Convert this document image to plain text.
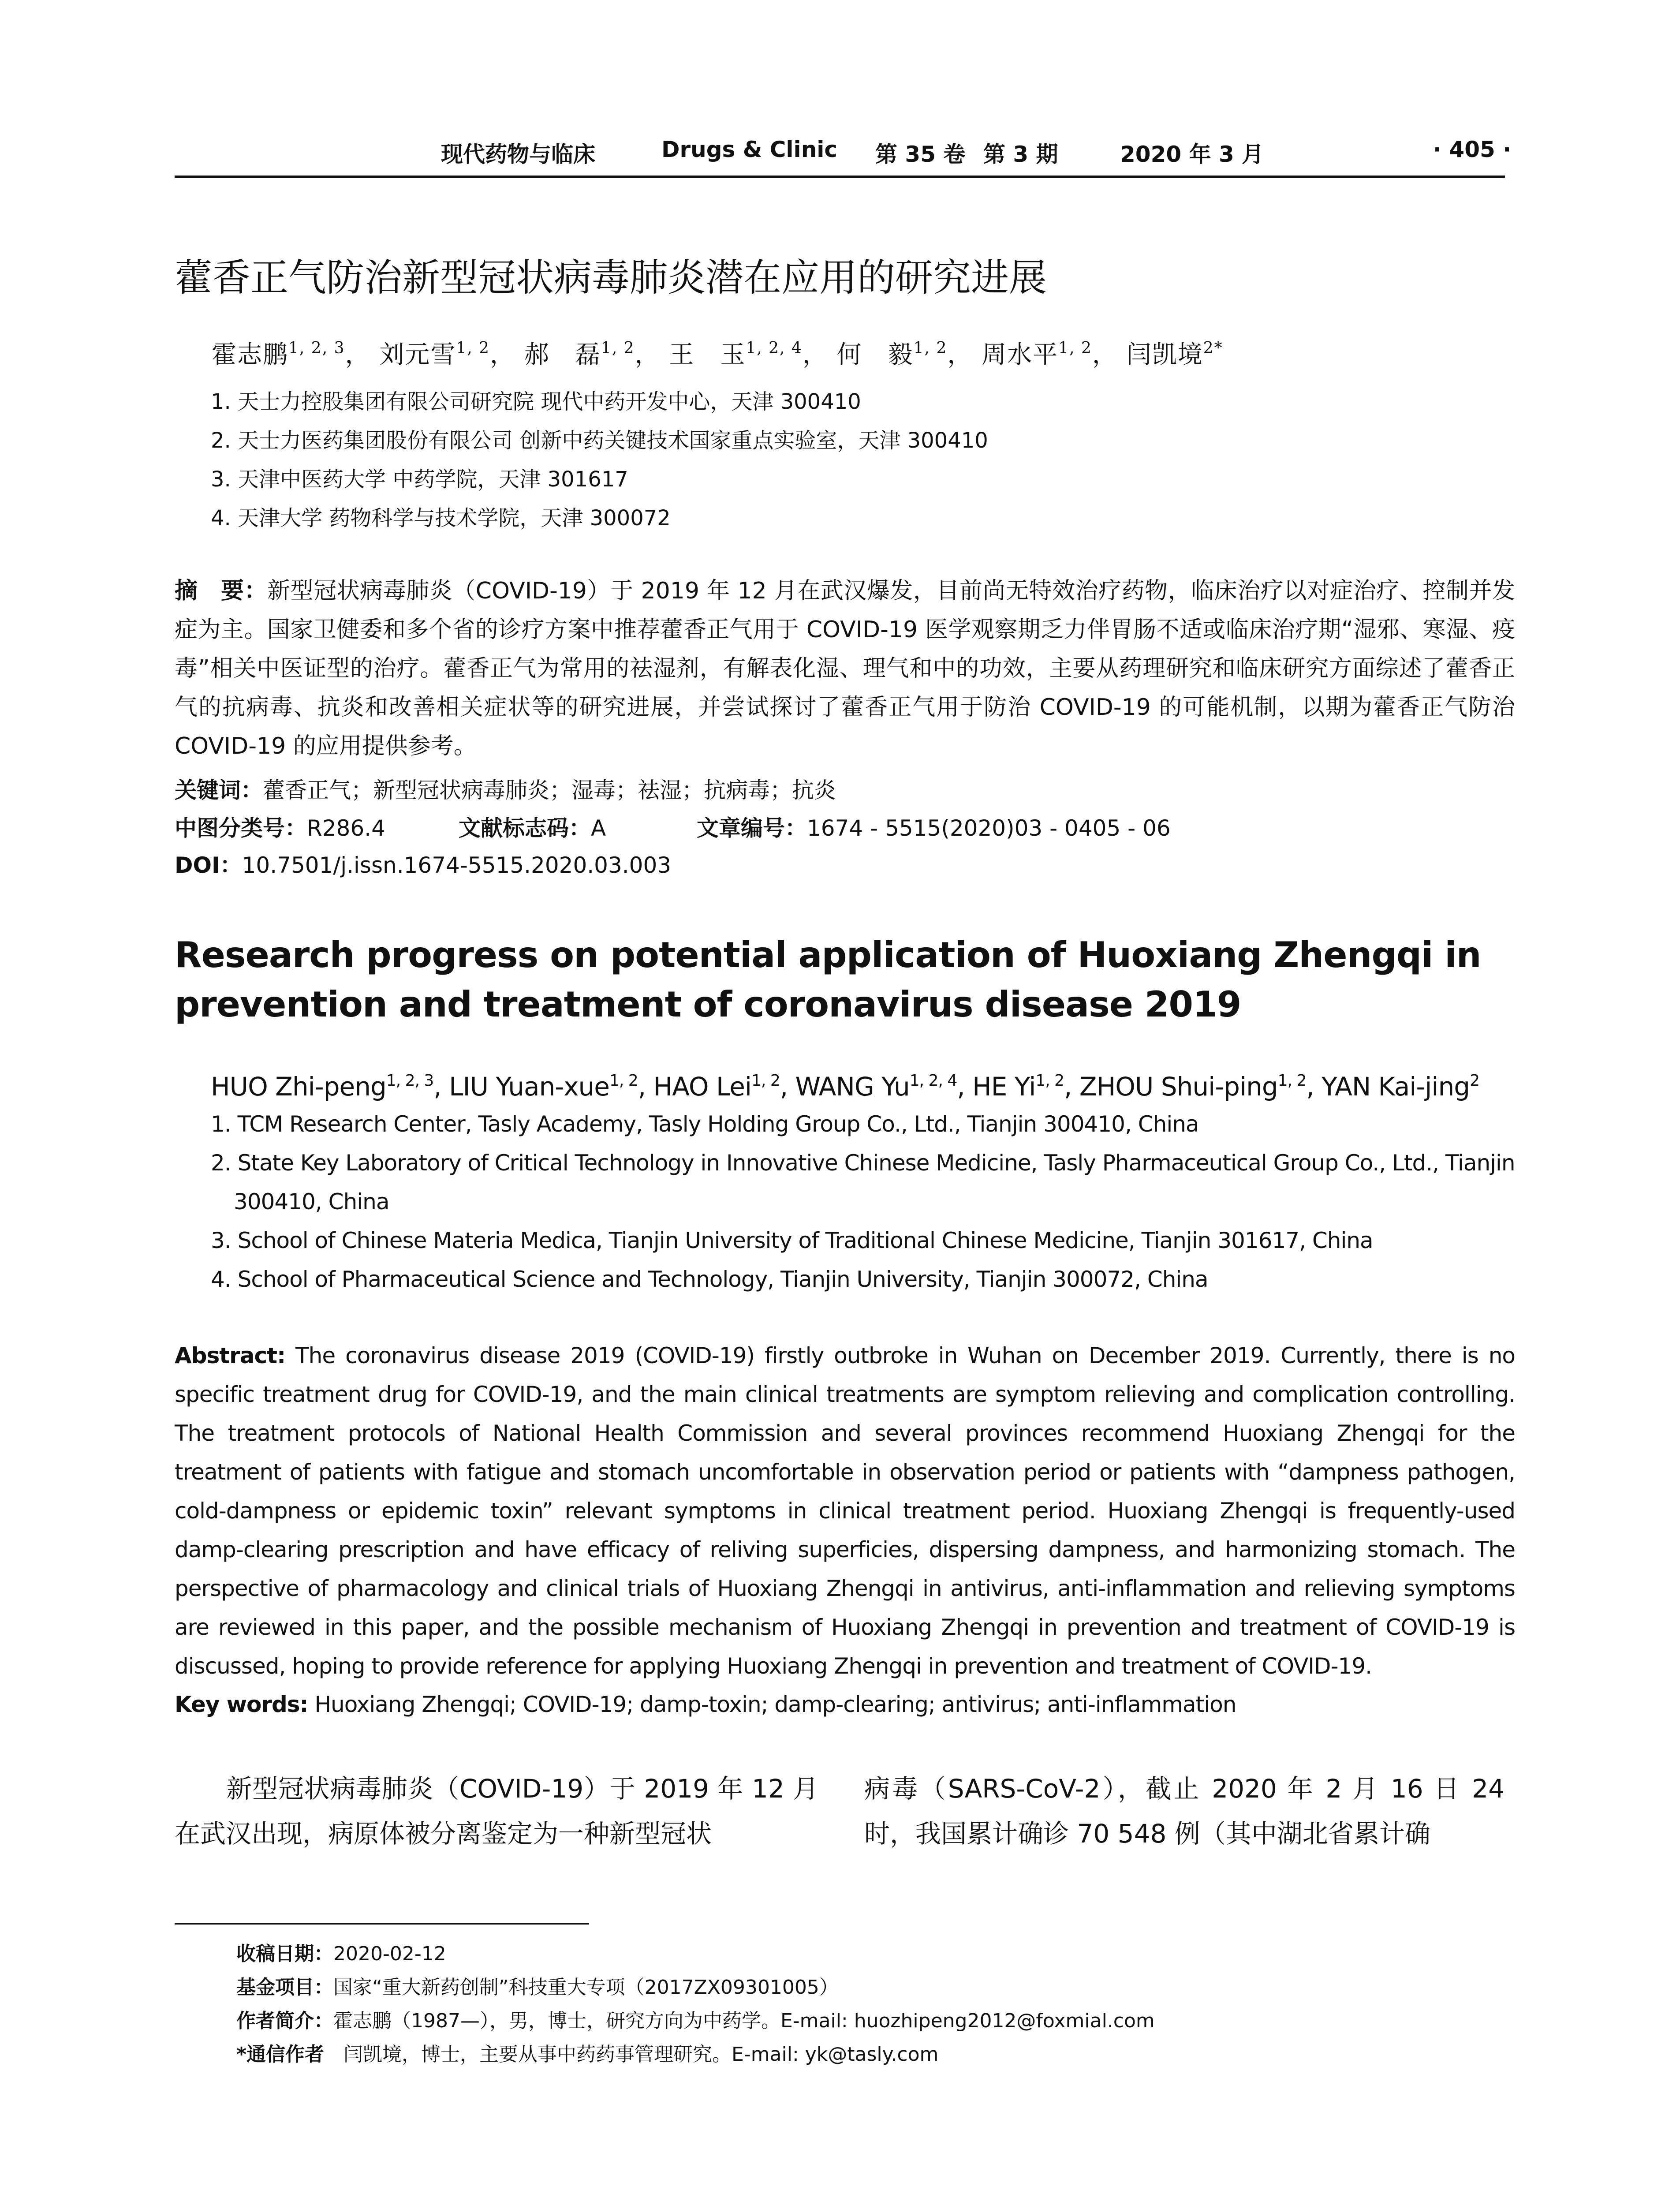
现代药物与临床	Drugs & Clinic 第 35 卷 第 3 期	2020 年 3 月	· 405 ·
藿香正气防治新型冠状病毒肺炎潜在应用的研究进展
霍志鹏$^{1, 2, 3}$， 刘元雪$^{1, 2}$， 郝　磊$^{1, 2}$， 王　玉$^{1, 2, 4}$， 何　毅$^{1, 2}$， 周水平$^{1, 2}$， 闫凯境$^{2*}$
1. 天士力控股集团有限公司研究院 现代中药开发中心，天津 300410
2. 天士力医药集团股份有限公司 创新中药关键技术国家重点实验室，天津 300410
3. 天津中医药大学 中药学院，天津 301617
4. 天津大学 药物科学与技术学院，天津 300072
摘　要：新型冠状病毒肺炎（COVID-19）于 2019 年 12 月在武汉爆发，目前尚无特效治疗药物，临床治疗以对症治疗、控制并发症为主。国家卫健委和多个省的诊疗方案中推荐藿香正气用于 COVID-19 医学观察期乏力伴胃肠不适或临床治疗期“湿邪、寒湿、疫毒”相关中医证型的治疗。藿香正气为常用的祛湿剂，有解表化湿、理气和中的功效，主要从药理研究和临床研究方面综述了藿香正气的抗病毒、抗炎和改善相关症状等的研究进展，并尝试探讨了藿香正气用于防治 COVID-19 的可能机制，以期为藿香正气防治 COVID-19 的应用提供参考。
关键词：藿香正气；新型冠状病毒肺炎；湿毒；祛湿；抗病毒；抗炎
中图分类号：R286.4	文献标志码：A	文章编号：1674 - 5515(2020)03 - 0405 - 06
DOI：10.7501/j.issn.1674-5515.2020.03.003
Research progress on potential application of Huoxiang Zhengqi in prevention and treatment of coronavirus disease 2019
HUO Zhi-peng$^{1, 2, 3}$, LIU Yuan-xue$^{1, 2}$, HAO Lei$^{1, 2}$, WANG Yu$^{1, 2, 4}$, HE Yi$^{1, 2}$, ZHOU Shui-ping$^{1, 2}$, YAN Kai-jing$^2$
1. TCM Research Center, Tasly Academy, Tasly Holding Group Co., Ltd., Tianjin 300410, China
2. State Key Laboratory of Critical Technology in Innovative Chinese Medicine, Tasly Pharmaceutical Group Co., Ltd., Tianjin
300410, China
3. School of Chinese Materia Medica, Tianjin University of Traditional Chinese Medicine, Tianjin 301617, China
4. School of Pharmaceutical Science and Technology, Tianjin University, Tianjin 300072, China
Abstract: The coronavirus disease 2019 (COVID-19) firstly outbroke in Wuhan on December 2019. Currently, there is no specific treatment drug for COVID-19, and the main clinical treatments are symptom relieving and complication controlling. The treatment protocols of National Health Commission and several provinces recommend Huoxiang Zhengqi for the treatment of patients with fatigue and stomach uncomfortable in observation period or patients with “dampness pathogen, cold-dampness or epidemic toxin” relevant symptoms in clinical treatment period. Huoxiang Zhengqi is frequently-used damp-clearing prescription and have efficacy of reliving superficies, dispersing dampness, and harmonizing stomach. The perspective of pharmacology and clinical trials of Huoxiang Zhengqi in antivirus, anti-inflammation and relieving symptoms are reviewed in this paper, and the possible mechanism of Huoxiang Zhengqi in prevention and treatment of COVID-19 is discussed, hoping to provide reference for applying Huoxiang Zhengqi in prevention and treatment of COVID-19.
Key words: Huoxiang Zhengqi; COVID-19; damp-toxin; damp-clearing; antivirus; anti-inflammation
　　新型冠状病毒肺炎（COVID-19）于 2019 年 12 月在武汉出现，病原体被分离鉴定为一种新型冠状
病毒（SARS-CoV-2），截止 2020 年 2 月 16 日 24 时，我国累计确诊 70 548 例（其中湖北省累计确
收稿日期：2020-02-12
基金项目：国家“重大新药创制”科技重大专项（2017ZX09301005）
作者简介：霍志鹏（1987—），男，博士，研究方向为中药学。E-mail: huozhipeng2012@foxmial.com
*通信作者　闫凯境，博士，主要从事中药药事管理研究。E-mail: yk@tasly.com
